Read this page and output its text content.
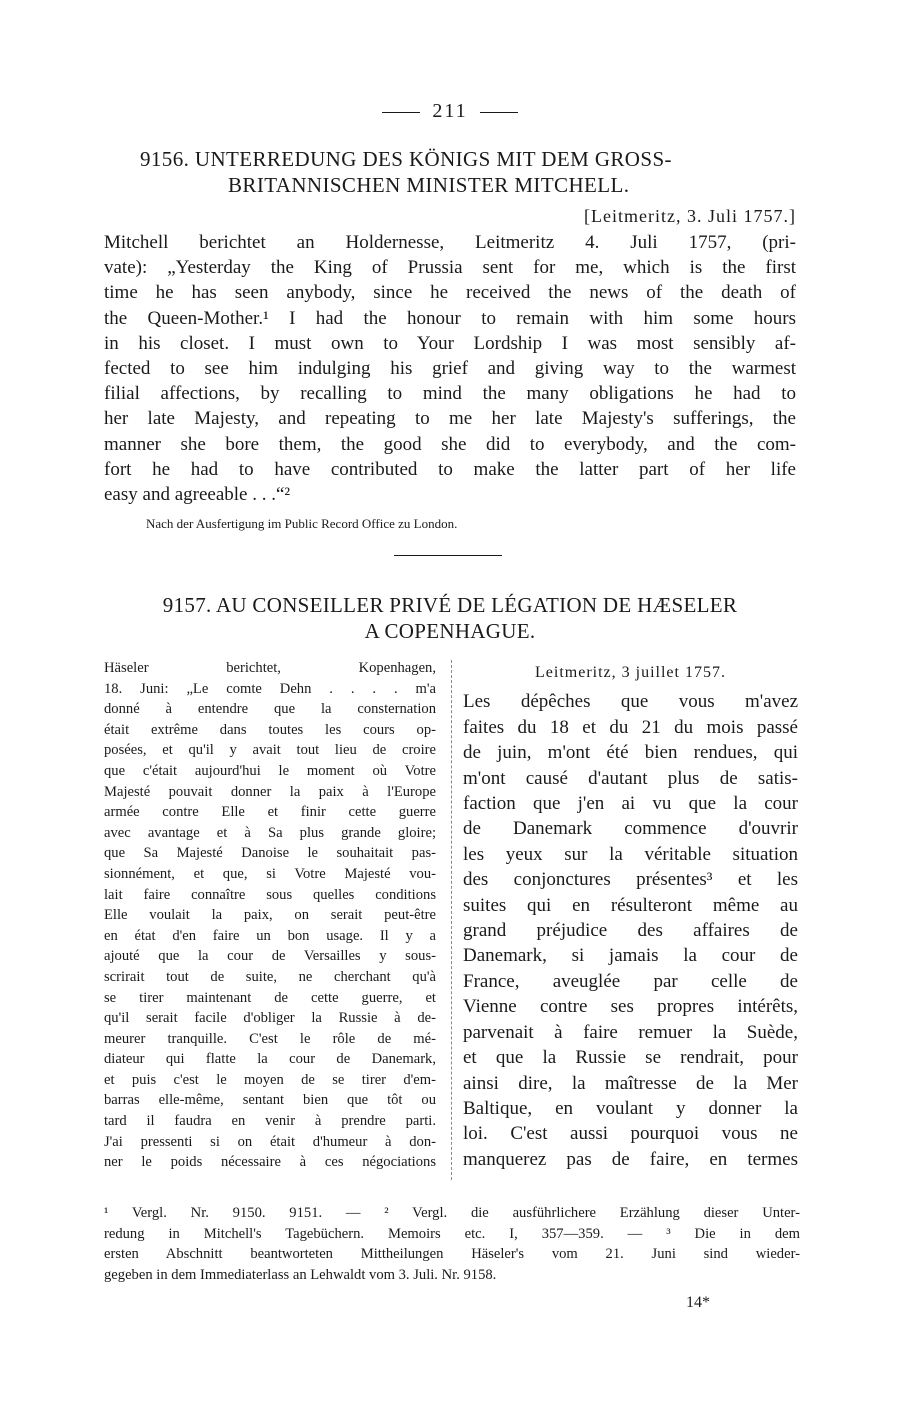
211
9156. UNTERREDUNG DES KÖNIGS MIT DEM GROSS-
BRITANNISCHEN MINISTER MITCHELL.
[Leitmeritz, 3. Juli 1757.]
Mitchell berichtet an Holdernesse, Leitmeritz 4. Juli 1757, (pri-
vate): „Yesterday the King of Prussia sent for me, which is the first
time he has seen anybody, since he received the news of the death of
the Queen-Mother.¹ I had the honour to remain with him some hours
in his closet. I must own to Your Lordship I was most sensibly af-
fected to see him indulging his grief and giving way to the warmest
filial affections, by recalling to mind the many obligations he had to
her late Majesty, and repeating to me her late Majesty's sufferings, the
manner she bore them, the good she did to everybody, and the com-
fort he had to have contributed to make the latter part of her life
easy and agreeable . . .“²
Nach der Ausfertigung im Public Record Office zu London.
9157. AU CONSEILLER PRIVÉ DE LÉGATION DE HÆSELER
A COPENHAGUE.
Häseler berichtet, Kopenhagen,
18. Juni: „Le comte Dehn . . . . m'a
donné à entendre que la consternation
était extrême dans toutes les cours op-
posées, et qu'il y avait tout lieu de croire
que c'était aujourd'hui le moment où Votre
Majesté pouvait donner la paix à l'Europe
armée contre Elle et finir cette guerre
avec avantage et à Sa plus grande gloire;
que Sa Majesté Danoise le souhaitait pas-
sionnément, et que, si Votre Majesté vou-
lait faire connaître sous quelles conditions
Elle voulait la paix, on serait peut-être
en état d'en faire un bon usage. Il y a
ajouté que la cour de Versailles y sous-
scrirait tout de suite, ne cherchant qu'à
se tirer maintenant de cette guerre, et
qu'il serait facile d'obliger la Russie à de-
meurer tranquille. C'est le rôle de mé-
diateur qui flatte la cour de Danemark,
et puis c'est le moyen de se tirer d'em-
barras elle-même, sentant bien que tôt ou
tard il faudra en venir à prendre parti.
J'ai pressenti si on était d'humeur à don-
ner le poids nécessaire à ces négociations
Leitmeritz, 3 juillet 1757.
Les dépêches que vous m'avez
faites du 18 et du 21 du mois passé
de juin, m'ont été bien rendues, qui
m'ont causé d'autant plus de satis-
faction que j'en ai vu que la cour
de Danemark commence d'ouvrir
les yeux sur la véritable situation
des conjonctures présentes³ et les
suites qui en résulteront même au
grand préjudice des affaires de
Danemark, si jamais la cour de
France, aveuglée par celle de
Vienne contre ses propres intérêts,
parvenait à faire remuer la Suède,
et que la Russie se rendrait, pour
ainsi dire, la maîtresse de la Mer
Baltique, en voulant y donner la
loi. C'est aussi pourquoi vous ne
manquerez pas de faire, en termes
¹ Vergl. Nr. 9150. 9151. — ² Vergl. die ausführlichere Erzählung dieser Unter-
redung in Mitchell's Tagebüchern. Memoirs etc. I, 357—359. — ³ Die in dem
ersten Abschnitt beantworteten Mittheilungen Häseler's vom 21. Juni sind wieder-
gegeben in dem Immediaterlass an Lehwaldt vom 3. Juli. Nr. 9158.
14*
